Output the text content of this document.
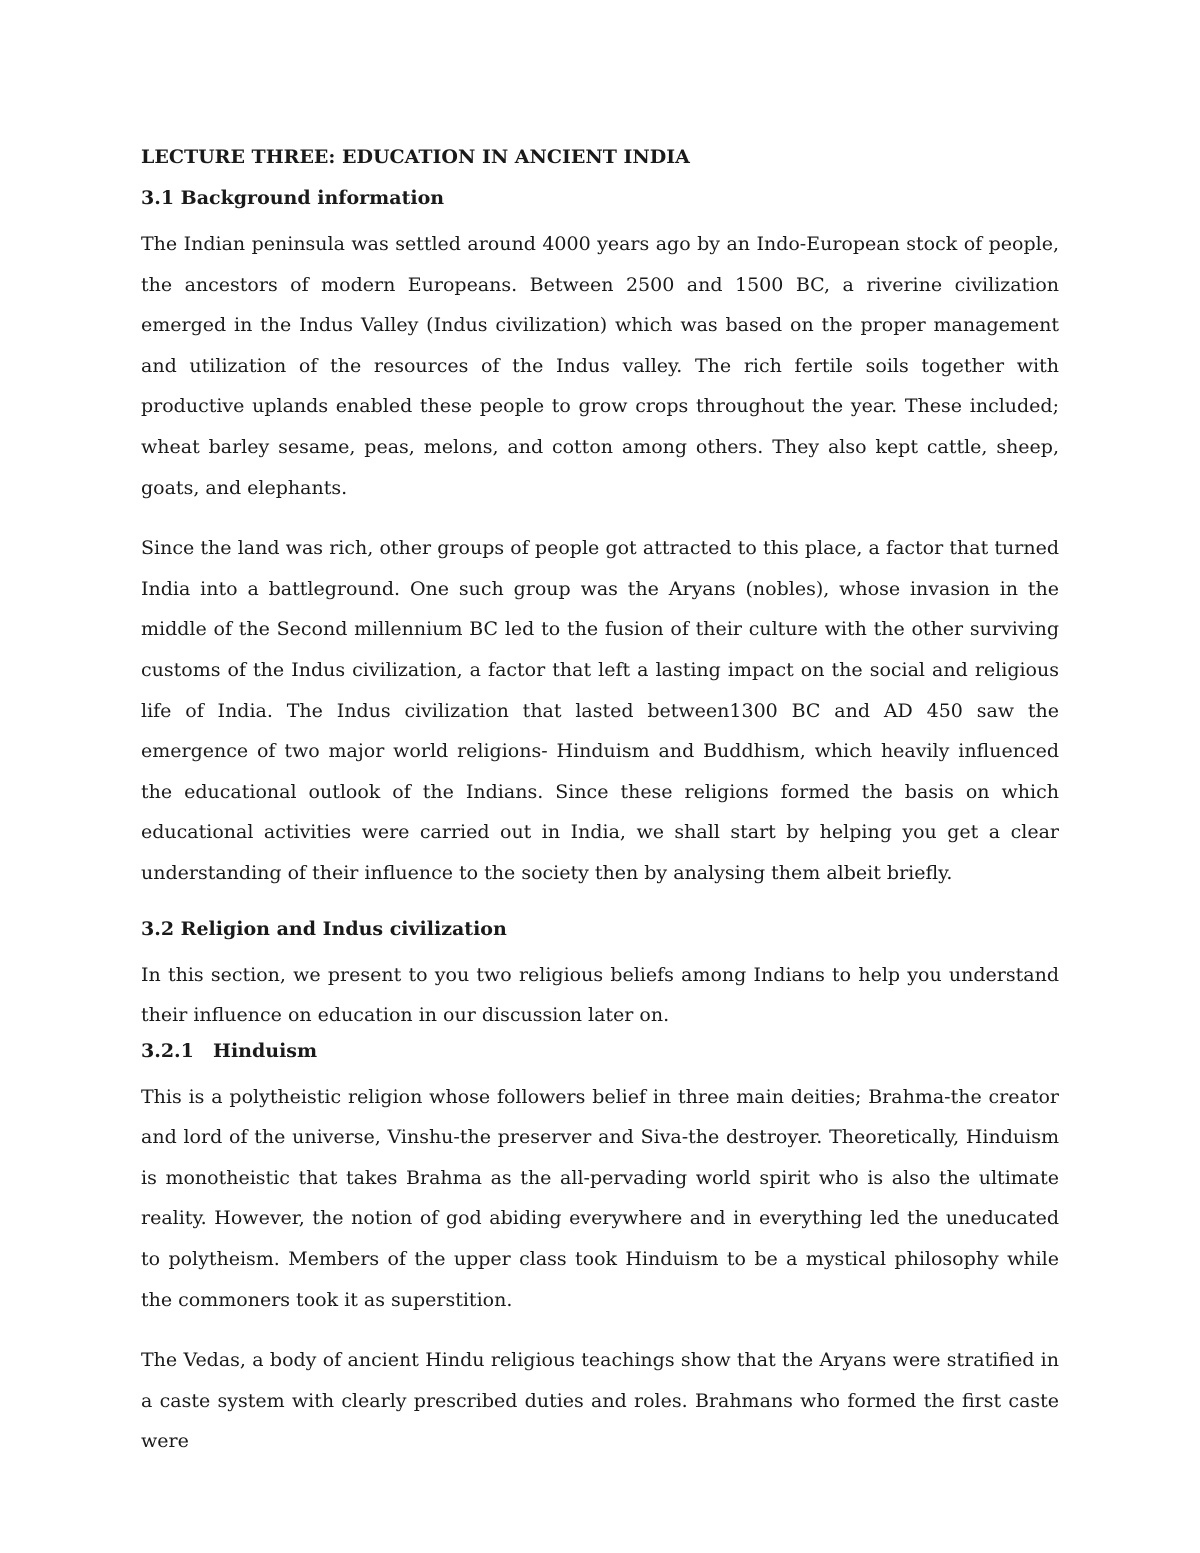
LECTURE THREE: EDUCATION IN ANCIENT INDIA
3.1 Background information

The Indian peninsula was settled around 4000 years ago by an Indo-European stock of people, the ancestors of modern Europeans. Between 2500 and 1500 BC, a riverine civilization emerged in the Indus Valley (Indus civilization) which was based on the proper management and utilization of the resources of the Indus valley. The rich fertile soils together with productive uplands enabled these people to grow crops throughout the year. These included; wheat barley sesame, peas, melons, and cotton among others. They also kept cattle, sheep, goats, and elephants.

Since the land was rich, other groups of people got attracted to this place, a factor that turned India into a battleground. One such group was the Aryans (nobles), whose invasion in the middle of the Second millennium BC led to the fusion of their culture with the other surviving customs of the Indus civilization, a factor that left a lasting impact on the social and religious life of India. The Indus civilization that lasted between1300 BC and AD 450 saw the emergence of two major world religions- Hinduism and Buddhism, which heavily influenced the educational outlook of the Indians. Since these religions formed the basis on which educational activities were carried out in India, we shall start by helping you get a clear understanding of their influence to the society then by analysing them albeit briefly.

3.2 Religion and Indus civilization

In this section, we present to you two religious beliefs among Indians to help you understand their influence on education in our discussion later on.

3.2.1 Hinduism

This is a polytheistic religion whose followers belief in three main deities; Brahma-the creator and lord of the universe, Vinshu-the preserver and Siva-the destroyer. Theoretically, Hinduism is monotheistic that takes Brahma as the all-pervading world spirit who is also the ultimate reality. However, the notion of god abiding everywhere and in everything led the uneducated to polytheism. Members of the upper class took Hinduism to be a mystical philosophy while the commoners took it as superstition.

The Vedas, a body of ancient Hindu religious teachings show that the Aryans were stratified in a caste system with clearly prescribed duties and roles. Brahmans who formed the first caste were
